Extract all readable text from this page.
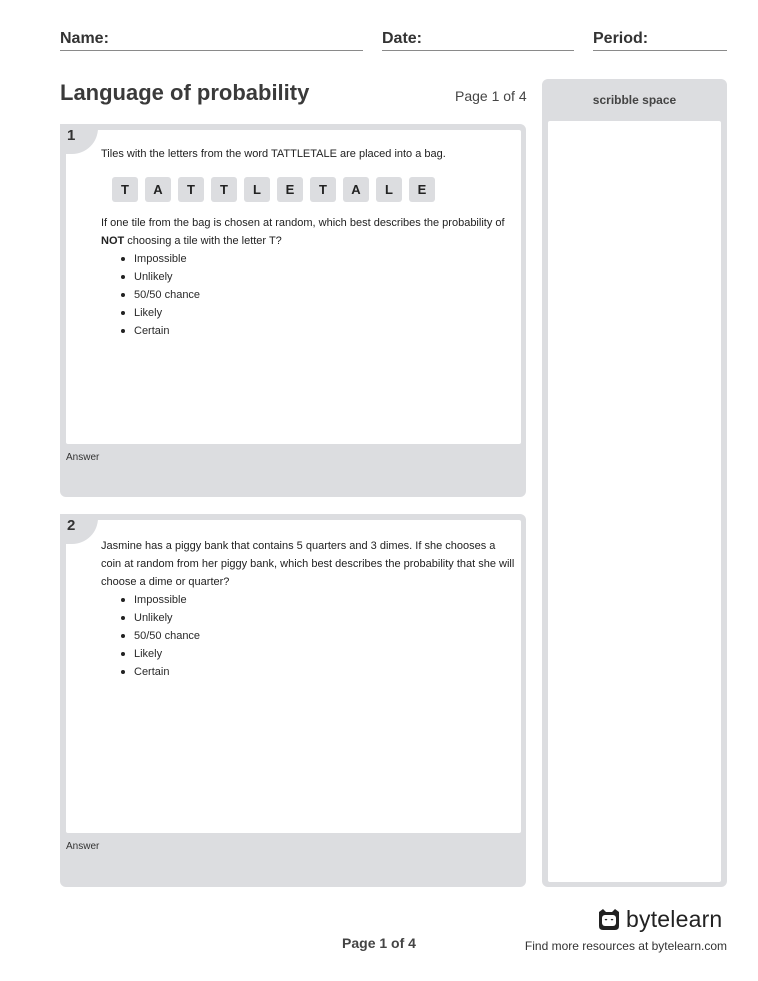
Name:	Date:	Period:
Language of probability	Page 1 of 4	scribble space
1
Tiles with the letters from the word TATTLETALE are placed into a bag.
T	A	T	T	L	E	T	A	L	E
If one tile from the bag is chosen at random, which best describes the probability of NOT choosing a tile with the letter T?
Impossible
Unlikely
50/50 chance
Likely
Certain
Answer
2
Jasmine has a piggy bank that contains 5 quarters and 3 dimes. If she chooses a coin at random from her piggy bank, which best describes the probability that she will choose a dime or quarter?
Impossible
Unlikely
50/50 chance
Likely
Certain
Answer
Page 1 of 4
bytelearn
Find more resources at bytelearn.com
